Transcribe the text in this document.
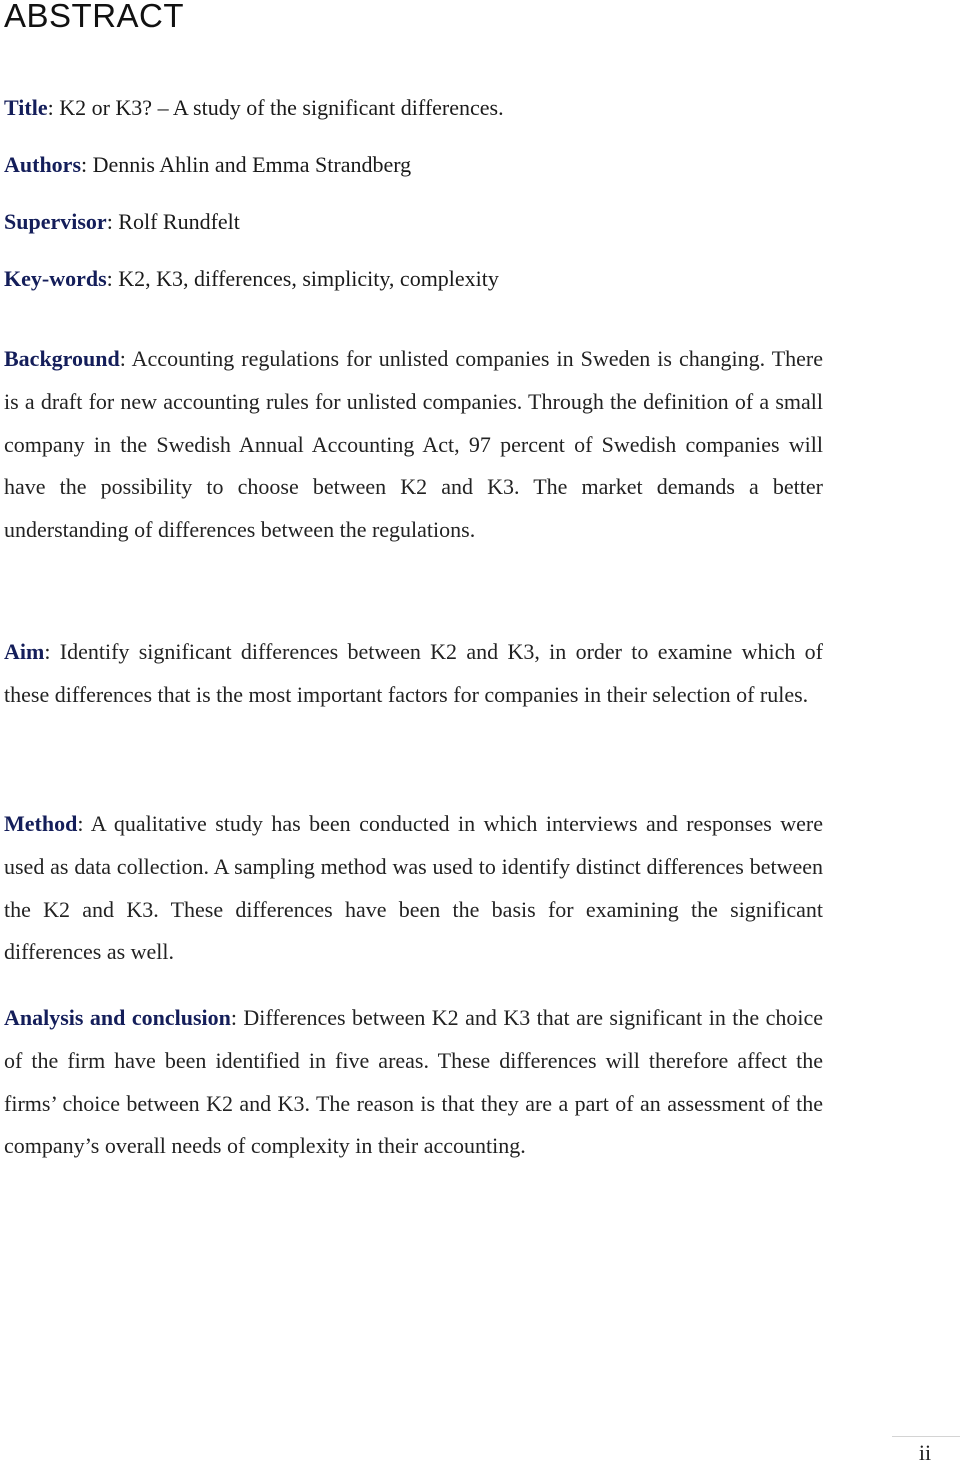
ABSTRACT

Title: K2 or K3? – A study of the significant differences.

Authors: Dennis Ahlin and Emma Strandberg

Supervisor: Rolf Rundfelt

Key-words: K2, K3, differences, simplicity, complexity

Background: Accounting regulations for unlisted companies in Sweden is changing. There is a draft for new accounting rules for unlisted companies. Through the definition of a small company in the Swedish Annual Accounting Act, 97 percent of Swedish companies will have the possibility to choose between K2 and K3. The market demands a better understanding of differences between the regulations.

Aim: Identify significant differences between K2 and K3, in order to examine which of these differences that is the most important factors for companies in their selection of rules.

Method: A qualitative study has been conducted in which interviews and responses were used as data collection. A sampling method was used to identify distinct differences between the K2 and K3. These differences have been the basis for examining the significant differences as well.

Analysis and conclusion: Differences between K2 and K3 that are significant in the choice of the firm have been identified in five areas. These differences will therefore affect the firms’ choice between K2 and K3. The reason is that they are a part of an assessment of the company’s overall needs of complexity in their accounting.

ii
